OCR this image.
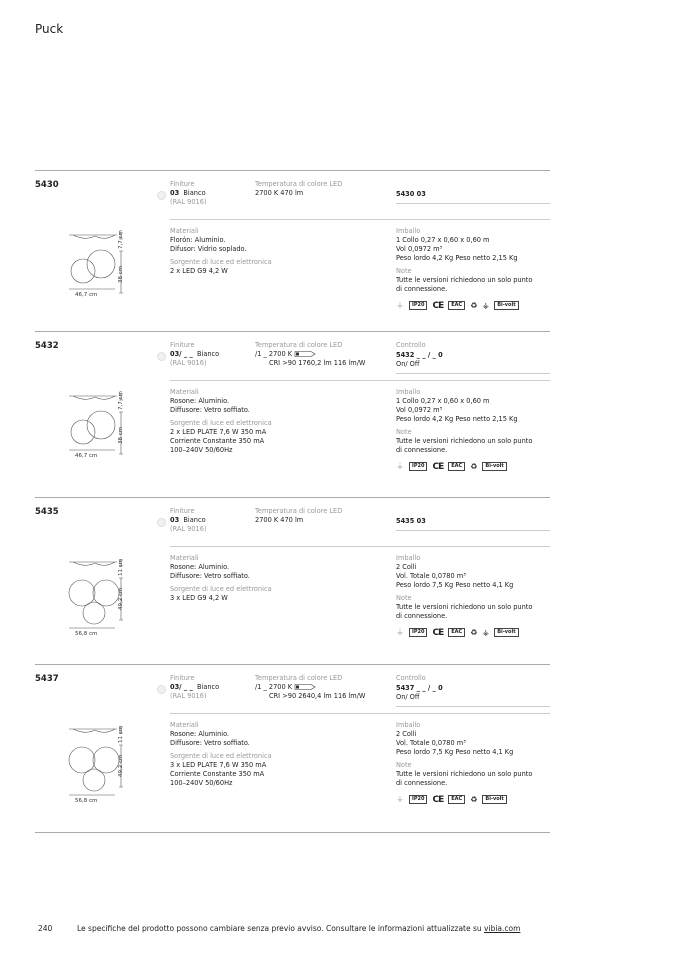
Puck
5430	Finiture
03 Bianco
(RAL 9016)
Temperatura di colore LED
2700 K 470 lm	5430 03
7,7 cm
38 cm
46,7 cm
Materiali
Florón: Aluminio.
Difusor: Vidrio soplado.
Sorgente di luce ed elettronica
2 x LED G9 4,2 W
Imballo
1 Collo 0,27 x 0,60 x 0,60 m
Vol 0,0972 m³
Peso lordo 4,2 Kg Peso netto 2,15 Kg
Note
Tutte le versioni richiedono un solo punto
di connessione.
⏚	IP20 CE	EAC	♻ ⚶	Bi-volt
5432	Finiture
03/ _ _ Bianco
(RAL 9016)
Temperatura di colore LED
/1 _ 2700 K
CRI >90 1760,2 lm 116 lm/W
Controllo
5432 _ _ / _ 0
On/ Off
7,7 cm
38 cm
46,7 cm
Materiali
Rosone: Aluminio.
Diffusore: Vetro soffiato.
Sorgente di luce ed elettronica
2 x LED PLATE 7,6 W 350 mA
Corriente Constante 350 mA
100–240V 50/60Hz
Imballo
1 Collo 0,27 x 0,60 x 0,60 m
Vol 0,0972 m³
Peso lordo 4,2 Kg Peso netto 2,15 Kg
Note
Tutte le versioni richiedono un solo punto
di connessione.
⏚	IP20 CE	EAC	♻	Bi-volt
5435	Finiture
03 Bianco
(RAL 9016)
Temperatura di colore LED
2700 K 470 lm	5435 03
11 cm
49,2 cm
56,8 cm
Materiali
Rosone: Aluminio.
Diffusore: Vetro soffiato.
Sorgente di luce ed elettronica
3 x LED G9 4,2 W
Imballo
2 Colli
Vol. Totale 0,0780 m³
Peso lordo 7,5 Kg Peso netto 4,1 Kg
Note
Tutte le versioni richiedono un solo punto
di connessione.
⏚	IP20 CE	EAC	♻ ⚶	Bi-volt
5437	Finiture
03/ _ _ Bianco
(RAL 9016)
Temperatura di colore LED
/1 _ 2700 K
CRI >90 2640,4 lm 116 lm/W
Controllo
5437 _ _ / _ 0
On/ Off
11 cm
49,2 cm
56,8 cm
Materiali
Rosone: Aluminio.
Diffusore: Vetro soffiato.
Sorgente di luce ed elettronica
3 x LED PLATE 7,6 W 350 mA
Corriente Constante 350 mA
100–240V 50/60Hz
Imballo
2 Colli
Vol. Totale 0,0780 m³
Peso lordo 7,5 Kg Peso netto 4,1 Kg
Note
Tutte le versioni richiedono un solo punto
di connessione.
⏚	IP20 CE	EAC	♻	Bi-volt
240	Le specifiche del prodotto possono cambiare senza previo avviso. Consultare le informazioni attualizzate su vibia.com
